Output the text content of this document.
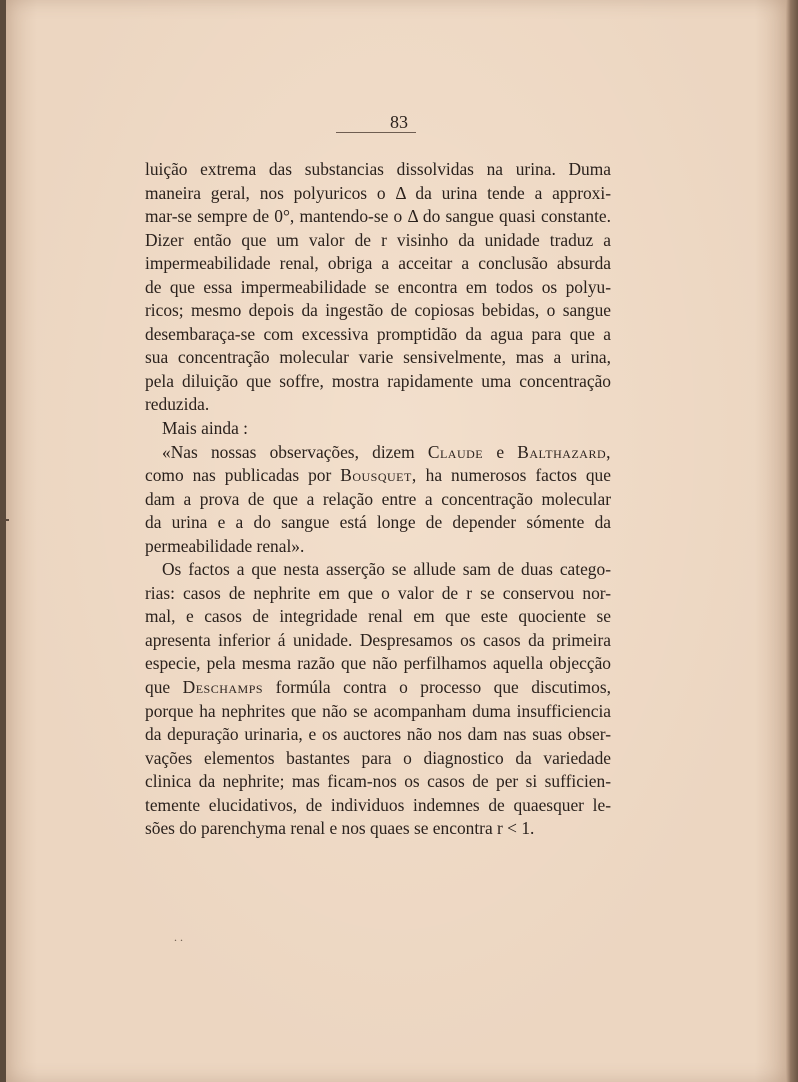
83
luição extrema das substancias dissolvidas na urina. Duma
maneira geral, nos polyuricos o Δ da urina tende a approxi-
mar-se sempre de 0°, mantendo-se o Δ do sangue quasi constante.
Dizer então que um valor de r visinho da unidade traduz a
impermeabilidade renal, obriga a acceitar a conclusão absurda
de que essa impermeabilidade se encontra em todos os polyu-
ricos; mesmo depois da ingestão de copiosas bebidas, o sangue
desembaraça-se com excessiva promptidão da agua para que a
sua concentração molecular varie sensivelmente, mas a urina,
pela diluição que soffre, mostra rapidamente uma concentração
reduzida.
Mais ainda :
«Nas nossas observações, dizem Claude e Balthazard,
como nas publicadas por Bousquet, ha numerosos factos que
dam a prova de que a relação entre a concentração molecular
da urina e a do sangue está longe de depender sómente da
permeabilidade renal».
Os factos a que nesta asserção se allude sam de duas catego-
rias: casos de nephrite em que o valor de r se conservou nor-
mal, e casos de integridade renal em que este quociente se
apresenta inferior á unidade. Despresamos os casos da primeira
especie, pela mesma razão que não perfilhamos aquella objecção
que Deschamps formúla contra o processo que discutimos,
porque ha nephrites que não se acompanham duma insufficiencia
da depuração urinaria, e os auctores não nos dam nas suas obser-
vações elementos bastantes para o diagnostico da variedade
clinica da nephrite; mas ficam-nos os casos de per si sufficien-
temente elucidativos, de individuos indemnes de quaesquer le-
sões do parenchyma renal e nos quaes se encontra r < 1.
. .
